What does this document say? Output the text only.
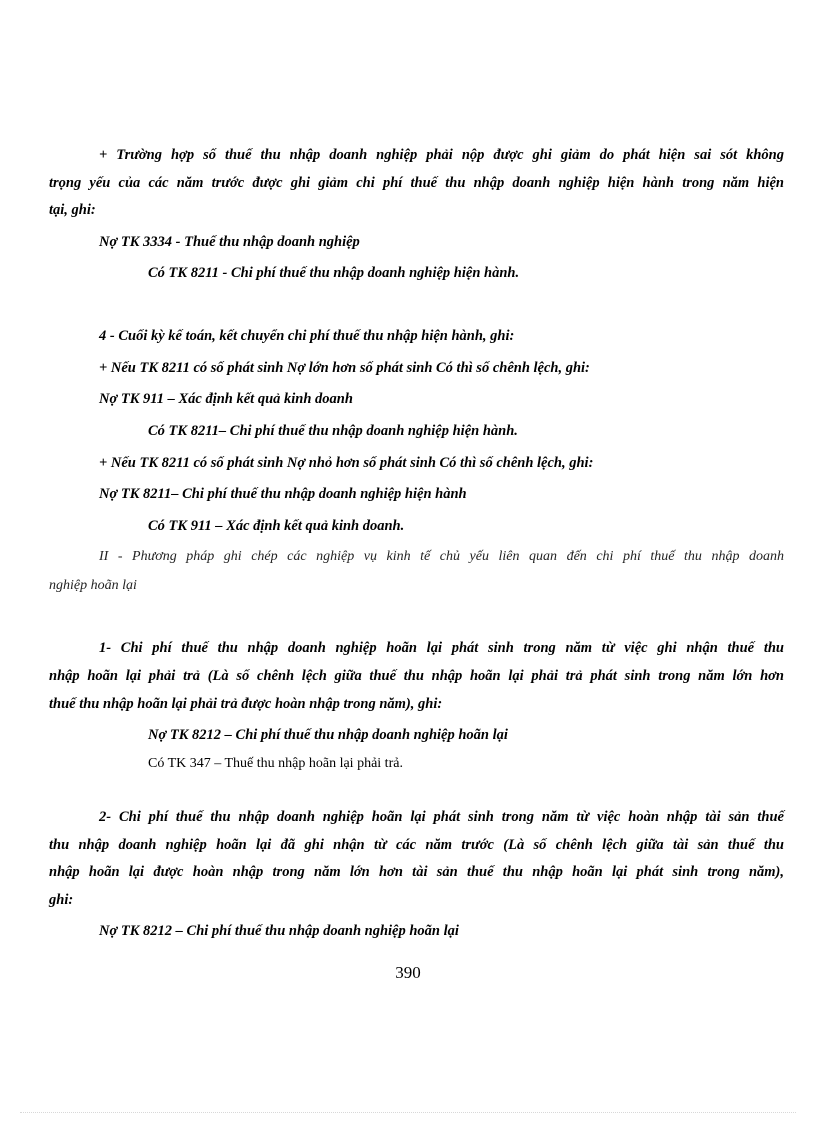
+ Trường hợp số thuế thu nhập doanh nghiệp phải nộp được ghi giảm do phát hiện sai sót không
trọng yếu của các năm trước được ghi giảm chi phí thuế thu nhập doanh nghiệp hiện hành trong năm hiện
tại, ghi:
Nợ TK 3334 - Thuế thu nhập doanh nghiệp
Có TK 8211 - Chi phí thuế thu nhập doanh nghiệp hiện hành.
4 - Cuối kỳ kế toán, kết chuyển chi phí thuế thu nhập hiện hành, ghi:
+ Nếu TK 8211 có số phát sinh Nợ lớn hơn số phát sinh Có thì số chênh lệch, ghi:
Nợ TK 911 – Xác định kết quả kinh doanh
Có TK 8211– Chi phí thuế thu nhập doanh nghiệp hiện hành.
+ Nếu TK 8211 có số phát sinh Nợ nhỏ hơn số phát sinh Có thì số chênh lệch, ghi:
Nợ TK 8211– Chi phí thuế thu nhập doanh nghiệp hiện hành
Có TK 911 – Xác định kết quả kinh doanh.
II - Phương pháp ghi chép các nghiệp vụ kinh tế chủ yếu liên quan đến chi phí thuế thu nhập doanh
nghiệp hoãn lại
1- Chi phí thuế thu nhập doanh nghiệp hoãn lại phát sinh trong năm từ việc ghi nhận thuế thu
nhập hoãn lại phải trả (Là số chênh lệch giữa thuế thu nhập hoãn lại phải trả phát sinh trong năm lớn hơn
thuế thu nhập hoãn lại phải trả được hoàn nhập trong năm), ghi:
Nợ TK 8212 – Chi phí thuế thu nhập doanh nghiệp hoãn lại
Có TK 347 – Thuế thu nhập hoãn lại phải trả.
2- Chi phí thuế thu nhập doanh nghiệp hoãn lại phát sinh trong năm từ việc hoàn nhập tài sản thuế
thu nhập doanh nghiệp hoãn lại đã ghi nhận từ các năm trước (Là số chênh lệch giữa tài sản thuế thu
nhập hoãn lại được hoàn nhập trong năm lớn hơn tài sản thuế thu nhập hoãn lại phát sinh trong năm),
ghi:
Nợ TK 8212 – Chi phí thuế thu nhập doanh nghiệp hoãn lại
390
